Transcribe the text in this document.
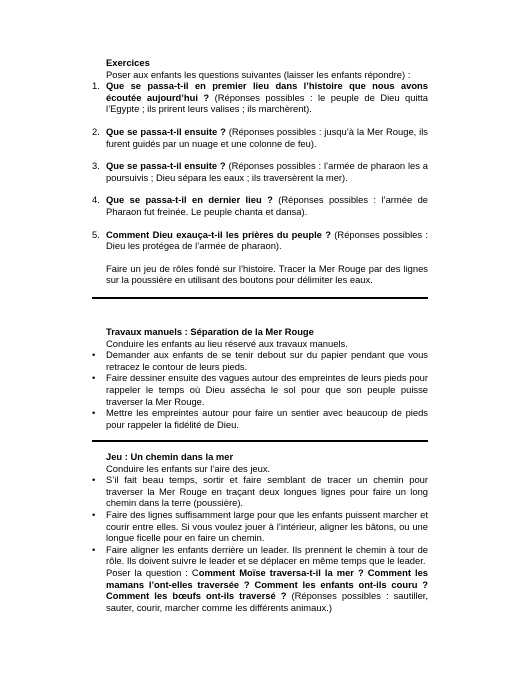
Exercices
Poser aux enfants les questions suivantes (laisser les enfants répondre) :
1. Que se passa-t-il en premier lieu dans l’histoire que nous avons écoutée aujourd’hui ? (Réponses possibles : le peuple de Dieu quitta l’Egypte ; ils prirent leurs valises ; ils marchèrent).
2. Que se passa-t-il ensuite ? (Réponses possibles : jusqu’à la Mer Rouge, ils furent guidés par un nuage et une colonne de feu).
3. Que se passa-t-il ensuite ? (Réponses possibles : l’armée de pharaon les a poursuivis ; Dieu sépara les eaux ; ils traversèrent la mer).
4. Que se passa-t-il en dernier lieu ? (Réponses possibles : l’armée de Pharaon fut freinée. Le peuple chanta et dansa).
5. Comment Dieu exauça-t-il les prières du peuple ? (Réponses possibles : Dieu les protégea de l’armée de pharaon).
Faire un jeu de rôles fondé sur l’histoire. Tracer la Mer Rouge par des lignes sur la poussière en utilisant des boutons pour délimiter les eaux.
Travaux manuels : Séparation de la Mer Rouge
Conduire les enfants au lieu réservé aux travaux manuels.
•	Demander aux enfants de se tenir debout sur du papier pendant que vous retracez le contour de leurs pieds.
•	Faire dessiner ensuite des vagues autour des empreintes de leurs pieds pour rappeler le temps où Dieu asséchа le sol pour que son peuple puisse traverser la Mer Rouge.
•	Mettre les empreintes autour pour faire un sentier avec beaucoup de pieds pour rappeler la fidélité de Dieu.
Jeu : Un chemin dans la mer
Conduire les enfants sur l’aire des jeux.
•	S’il fait beau temps, sortir et faire semblant de tracer un chemin pour traverser la Mer Rouge en traçant deux longues lignes pour faire un long chemin dans la terre (poussière).
•	Faire des lignes suffisamment large pour que les enfants puissent marcher et courir entre elles. Si vous voulez jouer à l’intérieur, aligner les bâtons, ou une longue ficelle pour en faire un chemin.
•	Faire aligner les enfants derrière un leader. Ils prennent le chemin à tour de rôle. Ils doivent suivre le leader et se déplacer en même temps que le leader.
Poser la question : Comment Moïse traversa-t-il la mer ? Comment les mamans l’ont-elles traversée ? Comment les enfants ont-ils couru ? Comment les bœufs ont-ils traversé ? (Réponses possibles : sautiller, sauter, courir, marcher comme les différents animaux.)
